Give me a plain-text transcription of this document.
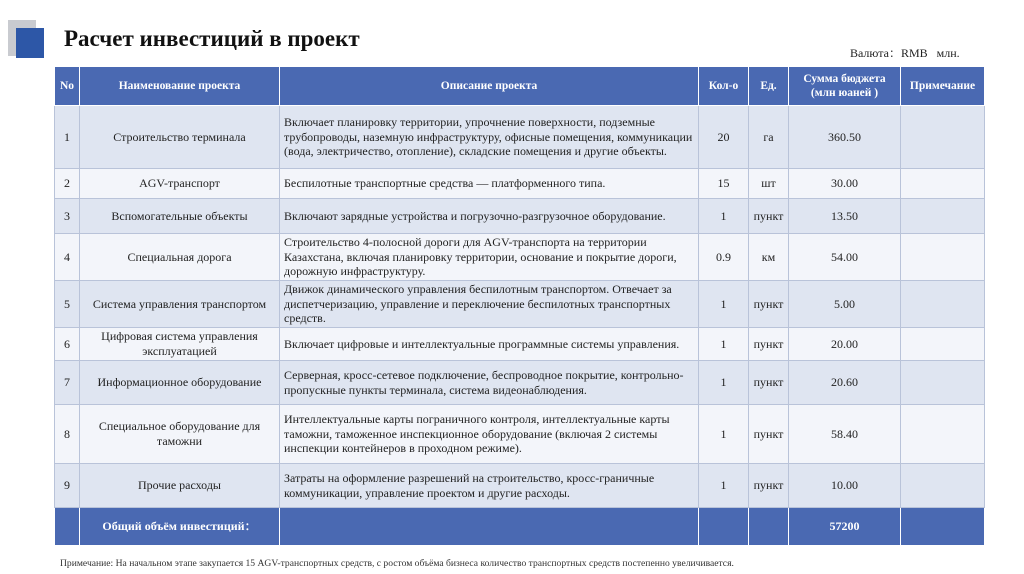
Расчет инвестиций в проект
Валюта：RMB млн.
No	Наименование проекта	Описание проекта	Кол-о	Ед.	Сумма бюджета (млн юаней )	Примечание
1	Строительство терминала	Включает планировку территории, упрочнение поверхности, подземные трубопроводы, наземную инфраструктуру, офисные помещения, коммуникации (вода, электричество, отопление), складские помещения и другие объекты.	20	га	360.50	
2	AGV-транспорт	Беспилотные транспортные средства — платформенного типа.	15	шт	30.00	
3	Вспомогательные объекты	Включают зарядные устройства и погрузочно-разгрузочное оборудование.	1	пункт	13.50	
4	Специальная дорога	Строительство 4-полосной дороги для AGV-транспорта на территории Казахстана, включая планировку территории, основание и покрытие дороги, дорожную инфраструктуру.	0.9	км	54.00	
5	Система управления транспортом	Движок динамического управления беспилотным транспортом. Отвечает за диспетчеризацию, управление и переключение беспилотных транспортных средств.	1	пункт	5.00	
6	Цифровая система управления эксплуатацией	Включает цифровые и интеллектуальные программные системы управления.	1	пункт	20.00	
7	Информационное оборудование	Серверная, кросс-сетевое подключение, беспроводное покрытие, контрольно-пропускные пункты терминала, система видеонаблюдения.	1	пункт	20.60	
8	Специальное оборудование для таможни	Интеллектуальные карты пограничного контроля, интеллектуальные карты таможни, таможенное инспекционное оборудование (включая 2 системы инспекции контейнеров в проходном режиме).	1	пункт	58.40	
9	Прочие расходы	Затраты на оформление разрешений на строительство, кросс-граничные коммуникации, управление проектом и другие расходы.	1	пункт	10.00	
	Общий объём инвестиций：				57200	
Примечание: На начальном этапе закупается 15 AGV-транспортных средств, с ростом объёма бизнеса количество транспортных средств постепенно увеличивается.
